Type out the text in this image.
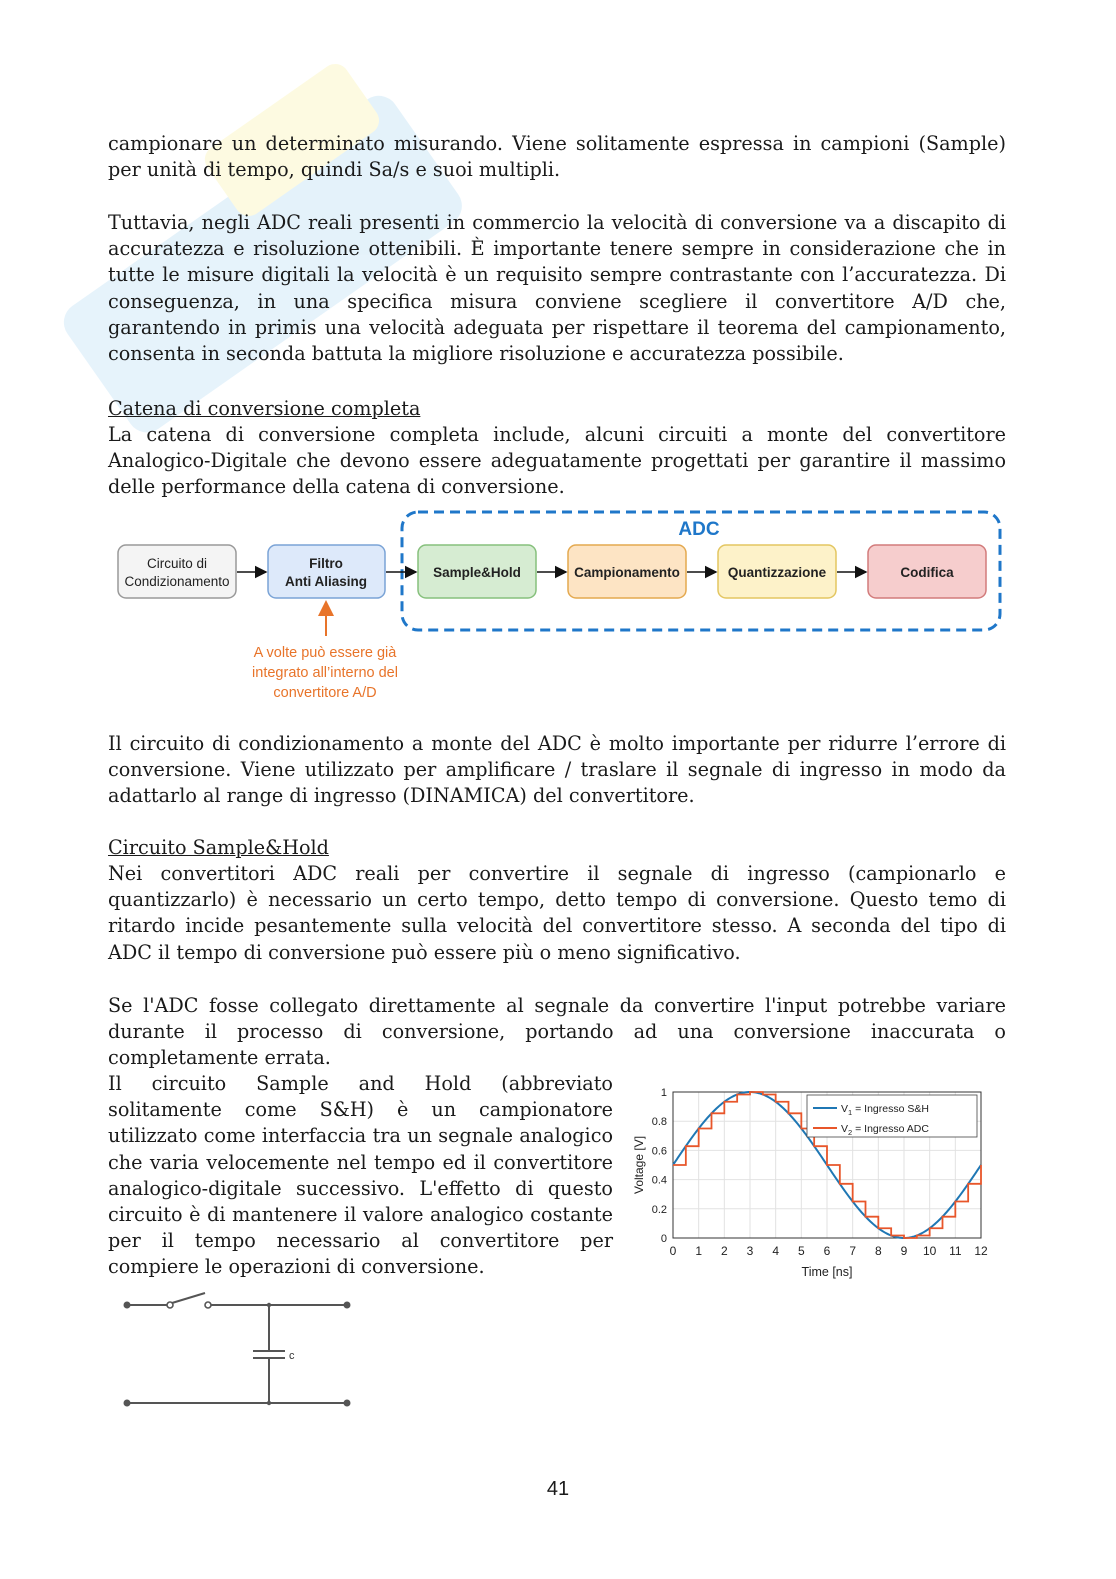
campionare un determinato misurando. Viene solitamente espressa in campioni (Sample) per unità di tempo, quindi Sa/s e suoi multipli.

Tuttavia, negli ADC reali presenti in commercio la velocità di conversione va a discapito di accuratezza e risoluzione ottenibili. È importante tenere sempre in considerazione che in tutte le misure digitali la velocità è un requisito sempre contrastante con l’accuratezza. Di conseguenza, in una specifica misura conviene scegliere il convertitore A/D che, garantendo in primis una velocità adeguata per rispettare il teorema del campionamento, consenta in seconda battuta la migliore risoluzione e accuratezza possibile.

Catena di conversione completa

La catena di conversione completa include, alcuni circuiti a monte del convertitore Analogico-Digitale che devono essere adeguatamente progettati per garantire il massimo delle performance della catena di conversione.

ADC
Circuito di
Condizionamento
Filtro
Anti Aliasing
Sample&Hold	Campionamento	Quantizzazione	Codifica
A volte può essere già
integrato all’interno del
convertitore A/D

Il circuito di condizionamento a monte del ADC è molto importante per ridurre l’errore di conversione. Viene utilizzato per amplificare / traslare il segnale di ingresso in modo da adattarlo al range di ingresso (DINAMICA) del convertitore.

Circuito Sample&Hold

Nei convertitori ADC reali per convertire il segnale di ingresso (campionarlo e quantizzarlo) è necessario un certo tempo, detto tempo di conversione. Questo temo di ritardo incide pesantemente sulla velocità del convertitore stesso. A seconda del tipo di ADC il tempo di conversione può essere più o meno significativo.

Se l'ADC fosse collegato direttamente al segnale da convertire l'input potrebbe variare durante il processo di conversione, portando ad una conversione inaccurata o completamente errata.

Il circuito Sample and Hold (abbreviato solitamente come S&H) è un campionatore utilizzato come interfaccia tra un segnale analogico che varia velocemente nel tempo ed il convertitore analogico-digitale successivo. L'effetto di questo circuito è di mantenere il valore analogico costante per il tempo necessario al convertitore per compiere le operazioni di conversione.

0 1 2 3 4 5 6 7 8 9 10 11 12
0
0.2
0.4
0.6
0.8
1
Time [ns]
Voltage [V]
$V_1$ = Ingresso S&H
$V_2$ = Ingresso ADC
c
41
